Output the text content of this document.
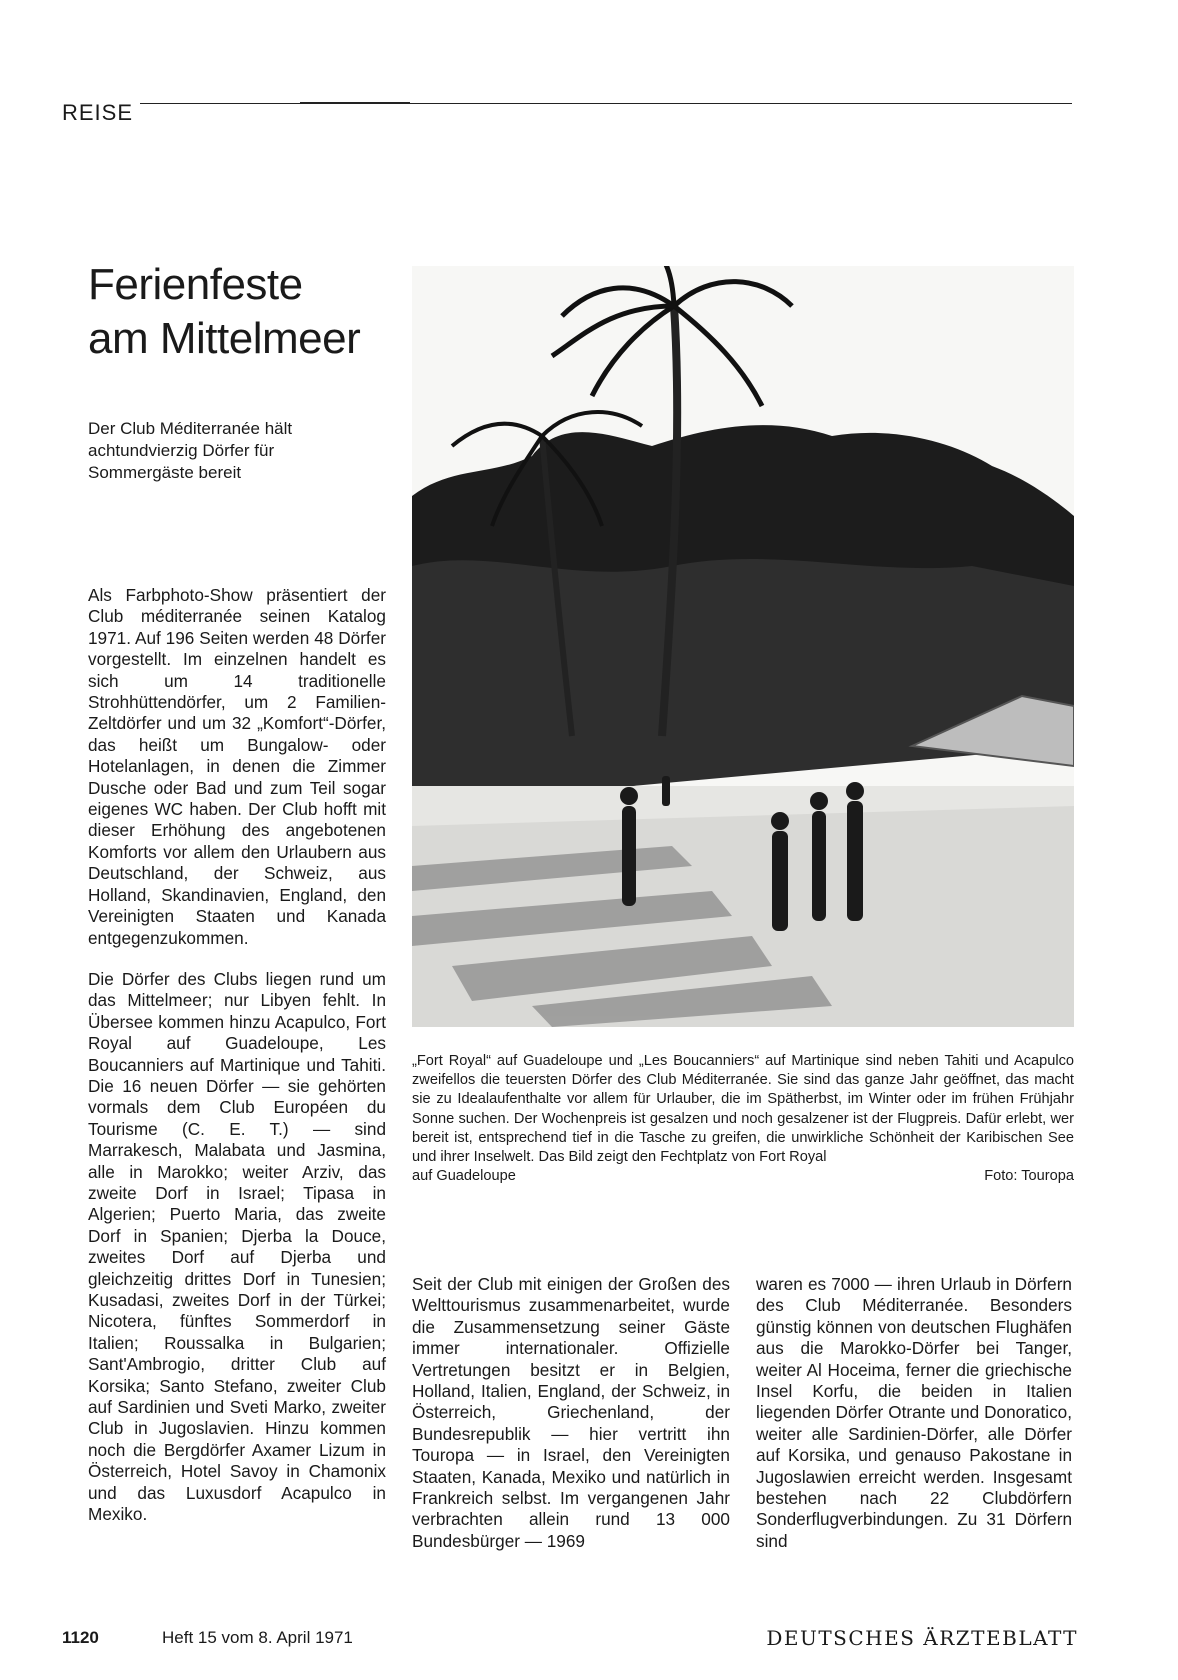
REISE
Ferienfeste
am Mittelmeer
Der Club Méditerranée hält achtundvierzig Dörfer für Sommergäste bereit

Als Farbphoto-Show präsentiert der Club méditerranée seinen Katalog 1971. Auf 196 Seiten werden 48 Dörfer vorgestellt. Im einzelnen handelt es sich um 14 traditionelle Strohhüttendörfer, um 2 Familien-Zeltdörfer und um 32 „Komfort“-Dörfer, das heißt um Bungalow- oder Hotelanlagen, in denen die Zimmer Dusche oder Bad und zum Teil sogar eigenes WC haben. Der Club hofft mit dieser Erhöhung des angebotenen Komforts vor allem den Urlaubern aus Deutschland, der Schweiz, aus Holland, Skandinavien, England, den Vereinigten Staaten und Kanada entgegenzukommen.

Die Dörfer des Clubs liegen rund um das Mittelmeer; nur Libyen fehlt. In Übersee kommen hinzu Acapulco, Fort Royal auf Guadeloupe, Les Boucanniers auf Martinique und Tahiti. Die 16 neuen Dörfer — sie gehörten vormals dem Club Européen du Tourisme (C. E. T.) — sind Marrakesch, Malabata und Jasmina, alle in Marokko; weiter Arziv, das zweite Dorf in Israel; Tipasa in Algerien; Puerto Maria, das zweite Dorf in Spanien; Djerba la Douce, zweites Dorf auf Djerba und gleichzeitig drittes Dorf in Tunesien; Kusadasi, zweites Dorf in der Türkei; Nicotera, fünftes Sommerdorf in Italien; Roussalka in Bulgarien; Sant'Ambrogio, dritter Club auf Korsika; Santo Stefano, zweiter Club auf Sardinien und Sveti Marko, zweiter Club in Jugoslavien. Hinzu kommen noch die Bergdörfer Axamer Lizum in Österreich, Hotel Savoy in Chamonix und das Luxusdorf Acapulco in Mexiko.

„Fort Royal“ auf Guadeloupe und „Les Boucanniers“ auf Martinique sind neben Tahiti und Acapulco zweifellos die teuersten Dörfer des Club Méditerranée. Sie sind das ganze Jahr geöffnet, das macht sie zu Idealaufenthalte vor allem für Urlauber, die im Spätherbst, im Winter oder im frühen Frühjahr Sonne suchen. Der Wochenpreis ist gesalzen und noch gesalzener ist der Flugpreis. Dafür erlebt, wer bereit ist, entsprechend tief in die Tasche zu greifen, die unwirkliche Schönheit der Karibischen See und ihrer Inselwelt. Das Bild zeigt den Fechtplatz von Fort Royal
auf Guadeloupe	Foto: Touropa

Seit der Club mit einigen der Großen des Welttourismus zusammenarbeitet, wurde die Zusammensetzung seiner Gäste immer internationaler. Offizielle Vertretungen besitzt er in Belgien, Holland, Italien, England, der Schweiz, in Österreich, Griechenland, der Bundesrepublik — hier vertritt ihn Touropa — in Israel, den Vereinigten Staaten, Kanada, Mexiko und natürlich in Frankreich selbst. Im vergangenen Jahr verbrachten allein rund 13 000 Bundesbürger — 1969

waren es 7000 — ihren Urlaub in Dörfern des Club Méditerranée. Besonders günstig können von deutschen Flughäfen aus die Marokko-Dörfer bei Tanger, weiter Al Hoceima, ferner die griechische Insel Korfu, die beiden in Italien liegenden Dörfer Otrante und Donoratico, weiter alle Sardinien-Dörfer, alle Dörfer auf Korsika, und genauso Pakostane in Jugoslawien erreicht werden. Insgesamt bestehen nach 22 Clubdörfern Sonderflugverbindungen. Zu 31 Dörfern sind

1120	Heft 15 vom 8. April 1971	DEUTSCHES ÄRZTEBLATT
